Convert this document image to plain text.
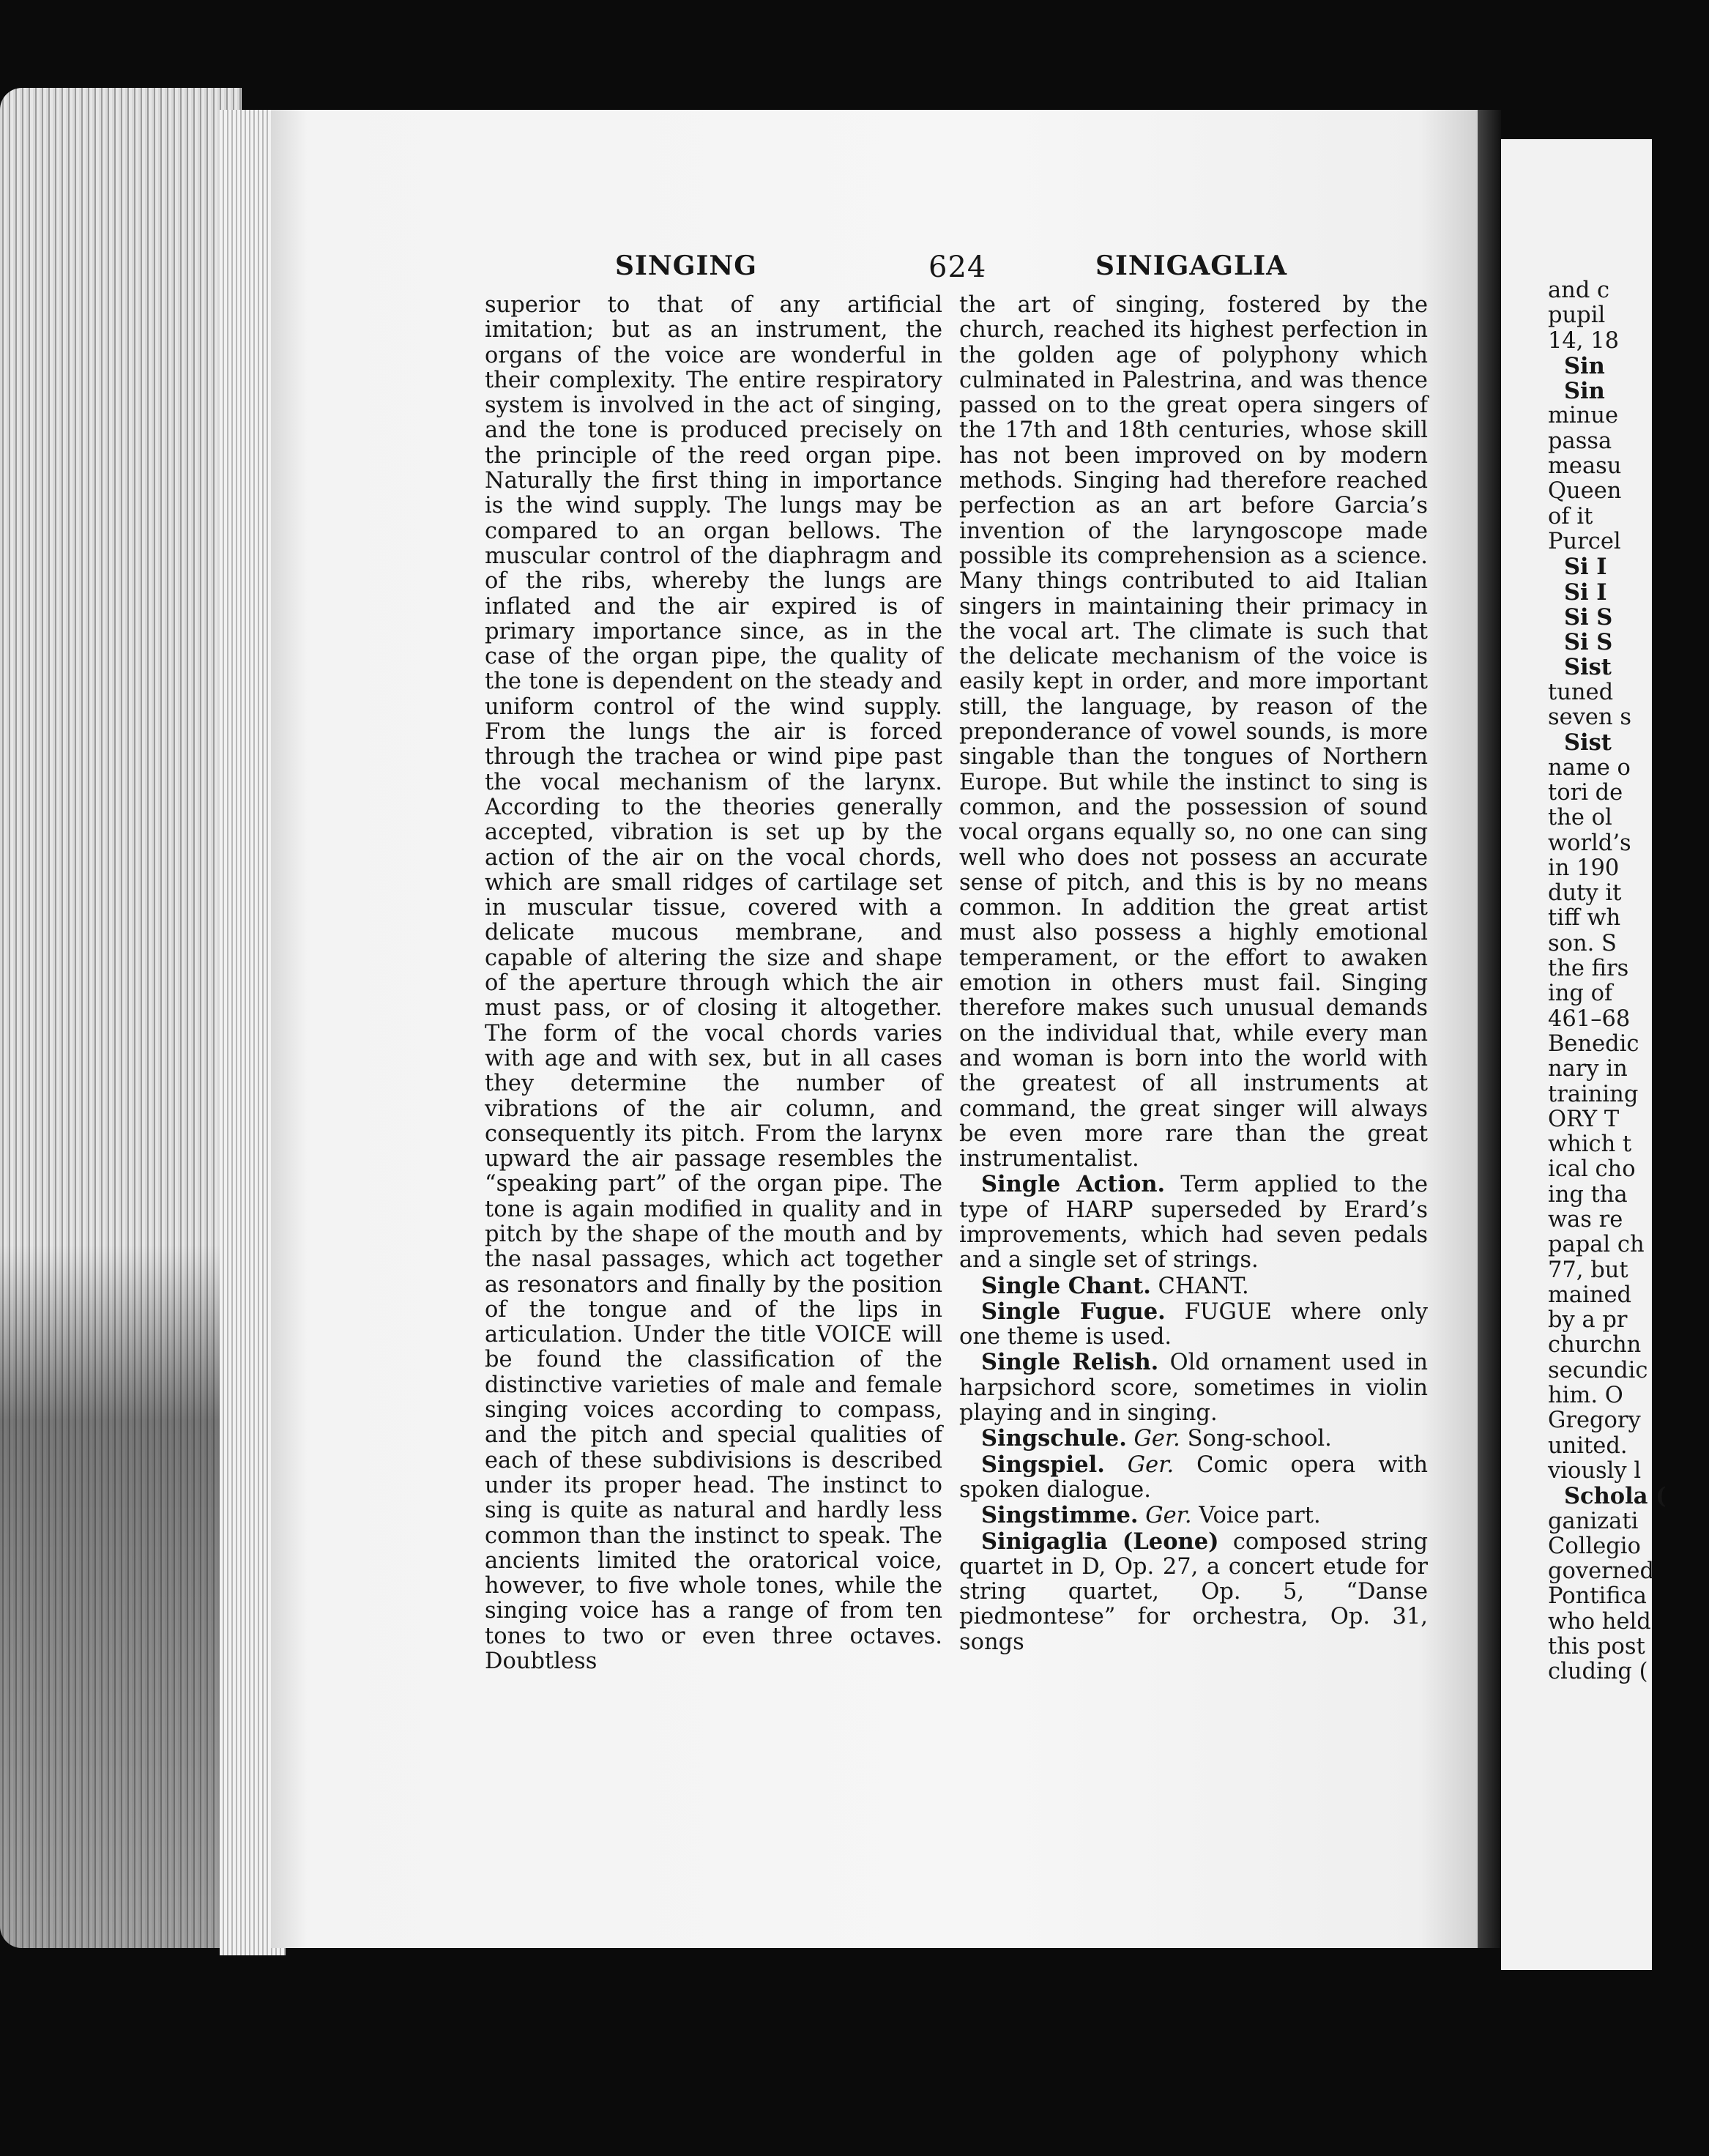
and c
pupil
14, 18
Sin
Sin
minue
passa
measu
Queen
of it
Purcel
Si I
Si I
Si S
Si S
Sist
tuned
seven s
Sist
name o
tori de
the ol
world’s
in 190
duty it
tiff wh
son. S
the firs
ing of
461–68
Benedic
nary in
training
ORY T
which t
ical cho
ing tha
was re
papal ch
77, but
mained
by a pr
churchn
secundic
him. O
Gregory
united.
viously l
Schola (
ganizati
Collegio
governed
Pontifica
who held
this post
cluding (
SINGING	624	SINIGAGLIA

superior to that of any artificial imitation; but as an instrument, the organs of the voice are wonderful in their complexity. The entire respiratory system is involved in the act of singing, and the tone is produced precisely on the principle of the reed organ pipe. Naturally the first thing in importance is the wind supply. The lungs may be compared to an organ bellows. The muscular control of the diaphragm and of the ribs, whereby the lungs are inflated and the air expired is of primary importance since, as in the case of the organ pipe, the quality of the tone is dependent on the steady and uniform control of the wind supply. From the lungs the air is forced through the trachea or wind pipe past the vocal mechanism of the larynx. According to the theories generally accepted, vibration is set up by the action of the air on the vocal chords, which are small ridges of cartilage set in muscular tissue, covered with a delicate mucous membrane, and capable of altering the size and shape of the aperture through which the air must pass, or of closing it altogether. The form of the vocal chords varies with age and with sex, but in all cases they determine the number of vibrations of the air column, and consequently its pitch. From the larynx upward the air passage resembles the “speaking part” of the organ pipe. The tone is again modified in quality and in pitch by the shape of the mouth and by the nasal passages, which act together as resonators and finally by the position of the tongue and of the lips in articulation. Under the title VOICE will be found the classification of the distinctive varieties of male and female singing voices according to compass, and the pitch and special qualities of each of these subdivisions is described under its proper head. The instinct to sing is quite as natural and hardly less common than the instinct to speak. The ancients limited the oratorical voice, however, to five whole tones, while the singing voice has a range of from ten tones to two or even three octaves. Doubtless

the art of singing, fostered by the church, reached its highest perfection in the golden age of polyphony which culminated in Palestrina, and was thence passed on to the great opera singers of the 17th and 18th centuries, whose skill has not been improved on by modern methods. Singing had therefore reached perfection as an art before Garcia’s invention of the laryngoscope made possible its comprehension as a science. Many things contributed to aid Italian singers in maintaining their primacy in the vocal art. The climate is such that the delicate mechanism of the voice is easily kept in order, and more important still, the language, by reason of the preponderance of vowel sounds, is more singable than the tongues of Northern Europe. But while the instinct to sing is common, and the possession of sound vocal organs equally so, no one can sing well who does not possess an accurate sense of pitch, and this is by no means common. In addition the great artist must also possess a highly emotional temperament, or the effort to awaken emotion in others must fail. Singing therefore makes such unusual demands on the individual that, while every man and woman is born into the world with the greatest of all instruments at command, the great singer will always be even more rare than the great instrumentalist.

Single Action. Term applied to the type of HARP superseded by Erard’s improvements, which had seven pedals and a single set of strings.

Single Chant. CHANT.

Single Fugue. FUGUE where only one theme is used.

Single Relish. Old ornament used in harpsichord score, sometimes in violin playing and in singing.

Singschule. Ger. Song-school.

Singspiel. Ger. Comic opera with spoken dialogue.

Singstimme. Ger. Voice part.

Sinigaglia (Leone) composed string quartet in D, Op. 27, a concert etude for string quartet, Op. 5, “Danse piedmontese” for orchestra, Op. 31, songs
